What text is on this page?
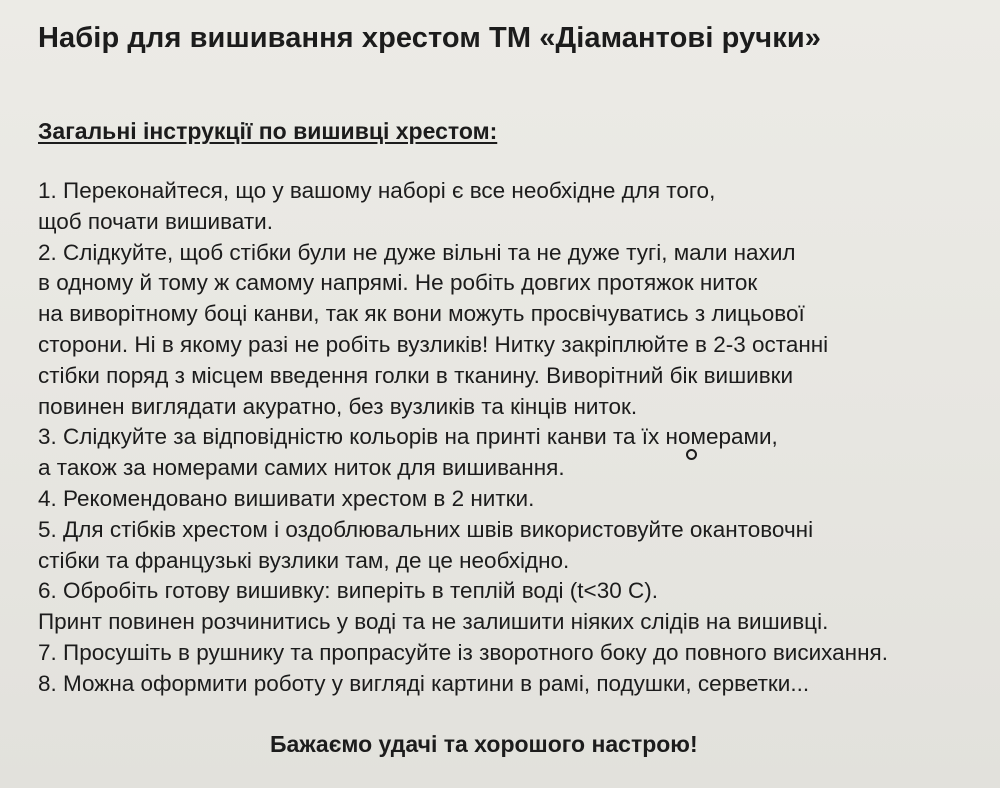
Набір для вишивання хрестом ТМ «Діамантові ручки»
Загальні інструкції по вишивці хрестом:
1. Переконайтеся, що у вашому наборі є все необхідне для того,
щоб почати вишивати.
2. Слідкуйте, щоб стібки були не дуже вільні та не дуже тугі, мали нахил
в одному й тому ж самому напрямі. Не робіть довгих протяжок ниток
на виворітному боці канви, так як вони можуть просвічуватись з лицьової
сторони. Ні в якому разі не робіть вузликів! Нитку закріплюйте в 2-3 останні
стібки поряд з місцем введення голки в тканину. Виворітний бік вишивки
повинен виглядати акуратно, без вузликів та кінців ниток.
3. Слідкуйте за відповідністю кольорів на принті канви та їх номерами,
а також за номерами самих ниток для вишивання.
4. Рекомендовано вишивати хрестом в 2 нитки.
5. Для стібків хрестом і оздоблювальних швів використовуйте окантовочні
стібки та французькі вузлики там, де це необхідно.
6. Обробіть готову вишивку: виперіть в теплій воді (t<30 C).
Принт повинен розчинитись у воді та не залишити ніяких слідів на вишивці.
7. Просушіть в рушнику та пропрасуйте із зворотного боку до повного висихання.
8. Можна оформити роботу у вигляді картини в рамі, подушки, серветки...
Бажаємо удачі та хорошого настрою!
